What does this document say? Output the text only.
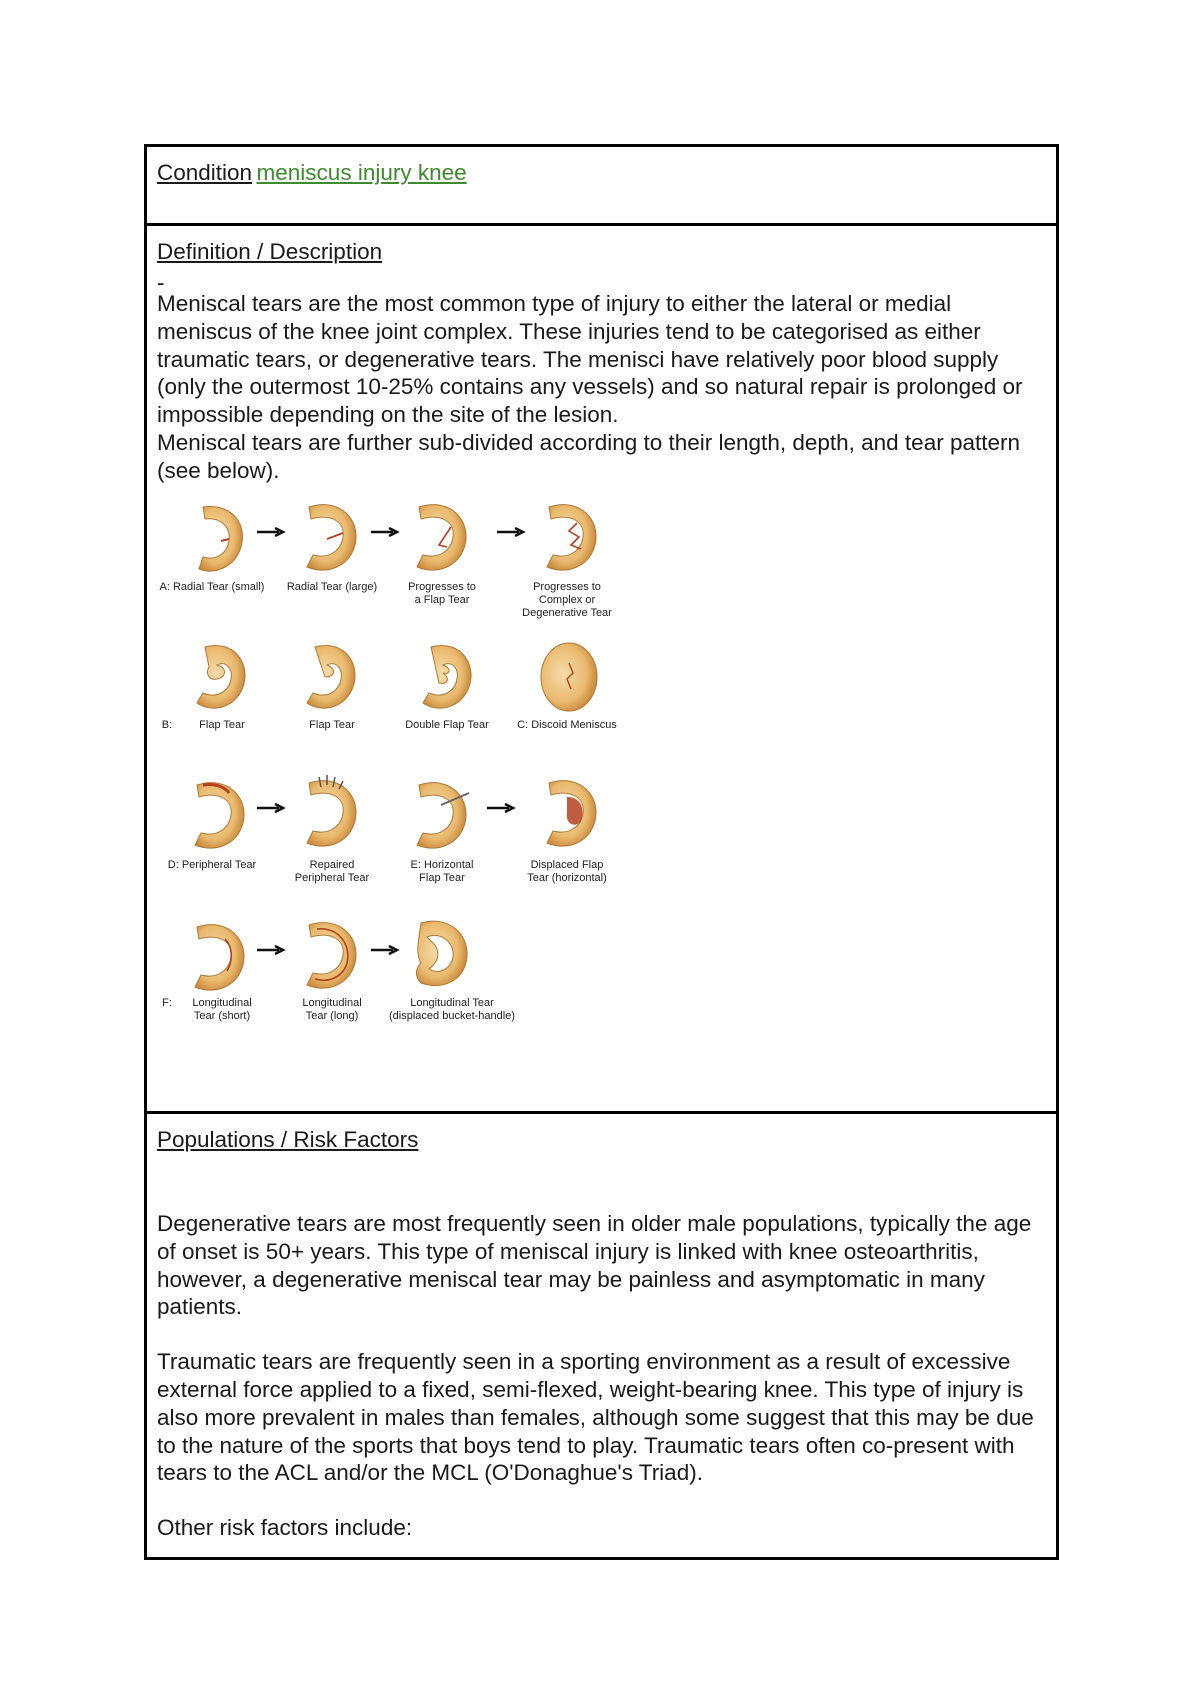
Condition meniscus injury knee
Definition / Description
-

Meniscal tears are the most common type of injury to either the lateral or medial meniscus of the knee joint complex. These injuries tend to be categorised as either traumatic tears, or degenerative tears. The menisci have relatively poor blood supply (only the outermost 10-25% contains any vessels) and so natural repair is prolonged or impossible depending on the site of the lesion.

Meniscal tears are further sub-divided according to their length, depth, and tear pattern (see below).

A: Radial Tear (small)	Radial Tear (large)	Progresses to
a Flap Tear
Progresses to
Complex or
Degenerative Tear
B:	Flap Tear	Flap Tear	Double Flap Tear	C: Discoid Meniscus
D: Peripheral Tear	Repaired
Peripheral Tear
E: Horizontal
Flap Tear
Displaced Flap
Tear (horizontal)
F:	Longitudinal
Tear (short)
Longitudinal
Tear (long)
Longitudinal Tear
(displaced bucket-handle)
Populations / Risk Factors

Degenerative tears are most frequently seen in older male populations, typically the age of onset is 50+ years. This type of meniscal injury is linked with knee osteoarthritis, however, a degenerative meniscal tear may be painless and asymptomatic in many patients.

Traumatic tears are frequently seen in a sporting environment as a result of excessive external force applied to a fixed, semi-flexed, weight-bearing knee. This type of injury is also more prevalent in males than females, although some suggest that this may be due to the nature of the sports that boys tend to play. Traumatic tears often co-present with tears to the ACL and/or the MCL (O'Donaghue's Triad).

Other risk factors include:
